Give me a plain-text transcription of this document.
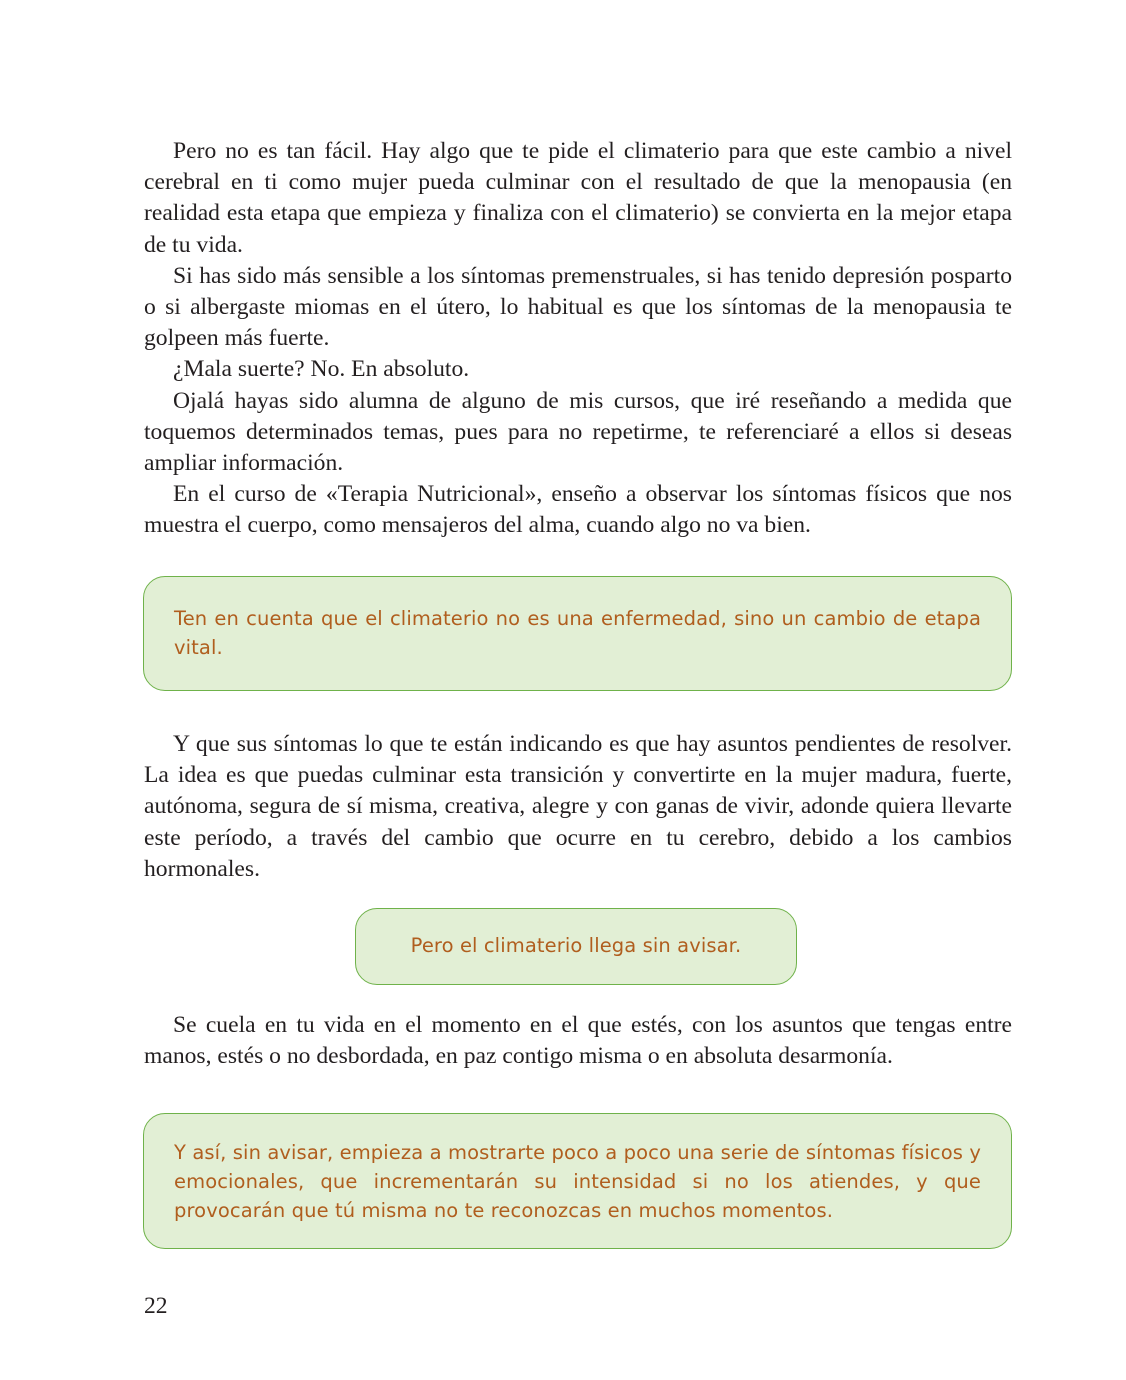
Pero no es tan fácil. Hay algo que te pide el climaterio para que este cambio a nivel cerebral en ti como mujer pueda culminar con el resultado de que la menopausia (en realidad esta etapa que empieza y finaliza con el climaterio) se convierta en la mejor etapa de tu vida.

Si has sido más sensible a los síntomas premenstruales, si has tenido depresión posparto o si albergaste miomas en el útero, lo habitual es que los síntomas de la menopausia te golpeen más fuerte.

¿Mala suerte? No. En absoluto.

Ojalá hayas sido alumna de alguno de mis cursos, que iré reseñando a medida que toquemos determinados temas, pues para no repetirme, te referenciaré a ellos si deseas ampliar información.

En el curso de «Terapia Nutricional», enseño a observar los síntomas físicos que nos muestra el cuerpo, como mensajeros del alma, cuando algo no va bien.

Ten en cuenta que el climaterio no es una enfermedad, sino un cambio de etapa vital.

Y que sus síntomas lo que te están indicando es que hay asuntos pendientes de resolver. La idea es que puedas culminar esta transición y convertirte en la mujer madura, fuerte, autónoma, segura de sí misma, creativa, alegre y con ganas de vivir, adonde quiera llevarte este período, a través del cambio que ocurre en tu cerebro, debido a los cambios hormonales.

Pero el climaterio llega sin avisar.

Se cuela en tu vida en el momento en el que estés, con los asuntos que tengas entre manos, estés o no desbordada, en paz contigo misma o en absoluta desarmonía.

Y así, sin avisar, empieza a mostrarte poco a poco una serie de síntomas físicos y emocionales, que incrementarán su intensidad si no los atiendes, y que provocarán que tú misma no te reconozcas en muchos momentos.
22
